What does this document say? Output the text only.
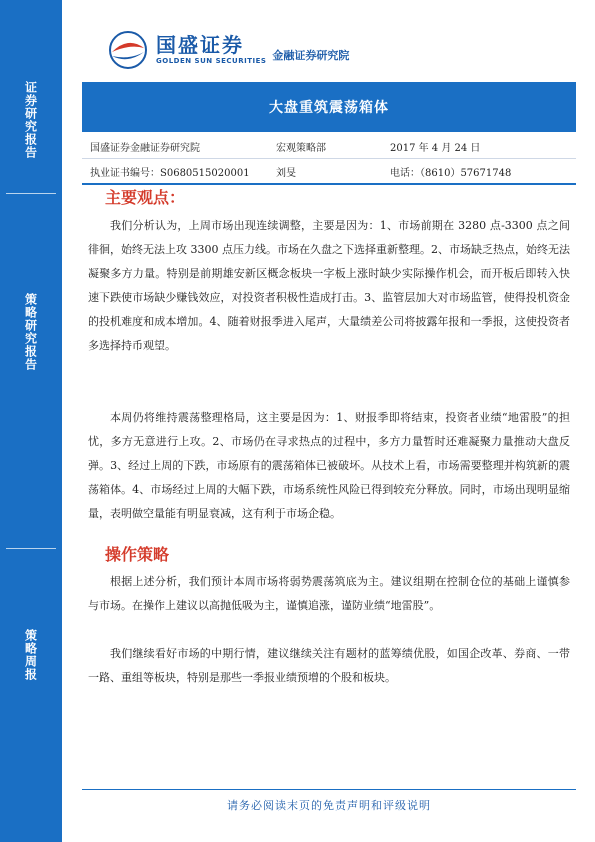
证券研究报告
策略研究报告
策略周报
国盛证券
GOLDEN SUN SECURITIES 金融证券研究院
大盘重筑震荡箱体
国盛证券金融证券研究院	宏观策略部	2017 年 4 月 24 日
执业证书编号：S0680515020001	刘旻	电话：（8610）57671748
主要观点：

我们分析认为，上周市场出现连续调整，主要是因为：1、市场前期在 3280 点-3300 点之间徘徊，始终无法上攻 3300 点压力线。市场在久盘之下选择重新整理。2、市场缺乏热点，始终无法凝聚多方力量。特别是前期雄安新区概念板块一字板上涨时缺少实际操作机会，而开板后即转入快速下跌使市场缺少赚钱效应，对投资者积极性造成打击。3、监管层加大对市场监管，使得投机资金的投机难度和成本增加。4、随着财报季进入尾声，大量绩差公司将披露年报和一季报，这使投资者多选择持币观望。

本周仍将维持震荡整理格局，这主要是因为：1、财报季即将结束，投资者业绩“地雷股”的担忧，多方无意进行上攻。2、市场仍在寻求热点的过程中，多方力量暂时还难凝聚力量推动大盘反弹。3、经过上周的下跌，市场原有的震荡箱体已被破坏。从技术上看，市场需要整理并构筑新的震荡箱体。4、市场经过上周的大幅下跌，市场系统性风险已得到较充分释放。同时，市场出现明显缩量，表明做空量能有明显衰减，这有利于市场企稳。

操作策略

根据上述分析，我们预计本周市场将弱势震荡筑底为主。建议组期在控制仓位的基础上谨慎参与市场。在操作上建议以高抛低吸为主，谨慎追涨，谨防业绩“地雷股”。

我们继续看好市场的中期行情，建议继续关注有题材的蓝筹绩优股，如国企改革、券商、一带一路、重组等板块，特别是那些一季报业绩预增的个股和板块。

请务必阅读末页的免责声明和评级说明
